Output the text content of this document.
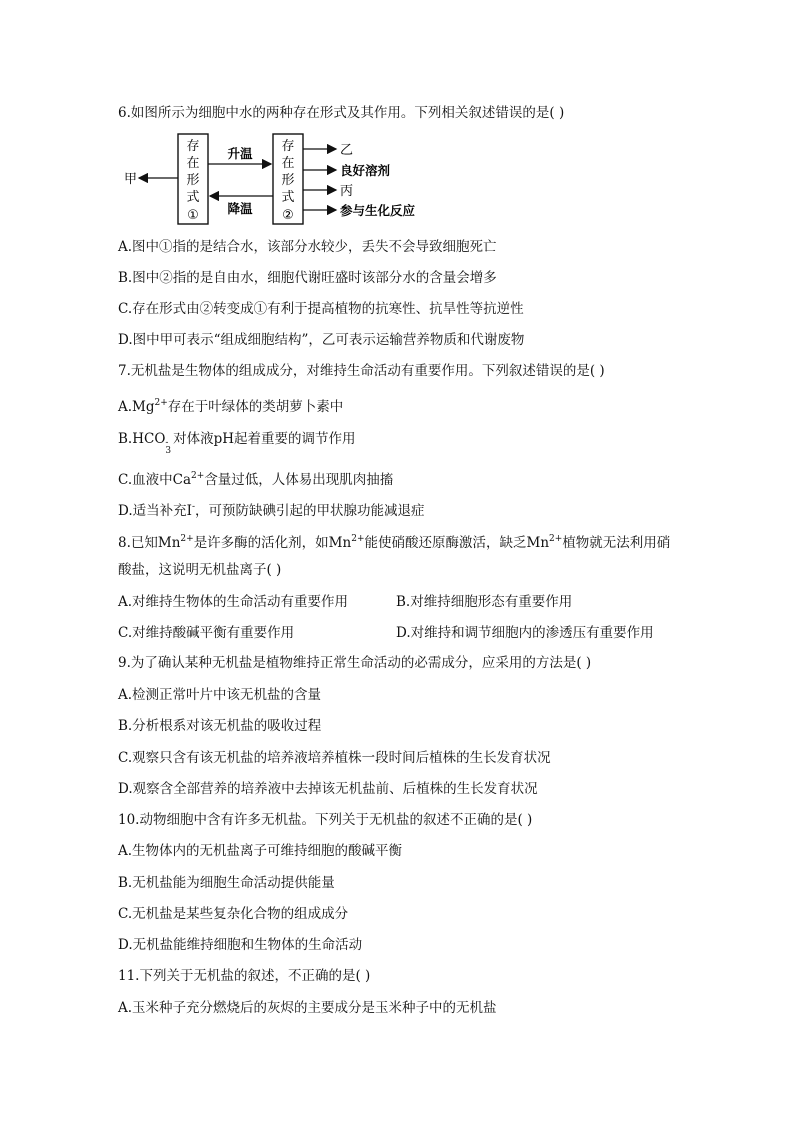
6.如图所示为细胞中水的两种存在形式及其作用。下列相关叙述错误的是( )
存
在
形
式
①
存
在
形
式
②
升温
降温
甲
乙
良好溶剂
丙
参与生化反应
A.图中①指的是结合水，该部分水较少，丢失不会导致细胞死亡
B.图中②指的是自由水，细胞代谢旺盛时该部分水的含量会增多
C.存在形式由②转变成①有利于提高植物的抗寒性、抗旱性等抗逆性
D.图中甲可表示“组成细胞结构”，乙可表示运输营养物质和代谢废物
7.无机盐是生物体的组成成分，对维持生命活动有重要作用。下列叙述错误的是( )
$A.Mg^{2+}$存在于叶绿体的类胡萝卜素中
B.HCO -
3
对体液pH起着重要的调节作用
C.血液中$Ca^{2+}$含量过低，人体易出现肌肉抽搐
D.适当补充I-，可预防缺碘引起的甲状腺功能减退症
8.已知$Mn^{2+}$是许多酶的活化剂，如$Mn^{2+}$能使硝酸还原酶激活，缺乏$Mn^{2+}$植物就无法利用硝
酸盐，这说明无机盐离子( )
A.对维持生物体的生命活动有重要作用	B.对维持细胞形态有重要作用
C.对维持酸碱平衡有重要作用	D.对维持和调节细胞内的渗透压有重要作用
9.为了确认某种无机盐是植物维持正常生命活动的必需成分，应采用的方法是( )
A.检测正常叶片中该无机盐的含量
B.分析根系对该无机盐的吸收过程
C.观察只含有该无机盐的培养液培养植株一段时间后植株的生长发育状况
D.观察含全部营养的培养液中去掉该无机盐前、后植株的生长发育状况
10.动物细胞中含有许多无机盐。下列关于无机盐的叙述不正确的是( )
A.生物体内的无机盐离子可维持细胞的酸碱平衡
B.无机盐能为细胞生命活动提供能量
C.无机盐是某些复杂化合物的组成成分
D.无机盐能维持细胞和生物体的生命活动
11.下列关于无机盐的叙述，不正确的是( )
A.玉米种子充分燃烧后的灰烬的主要成分是玉米种子中的无机盐
